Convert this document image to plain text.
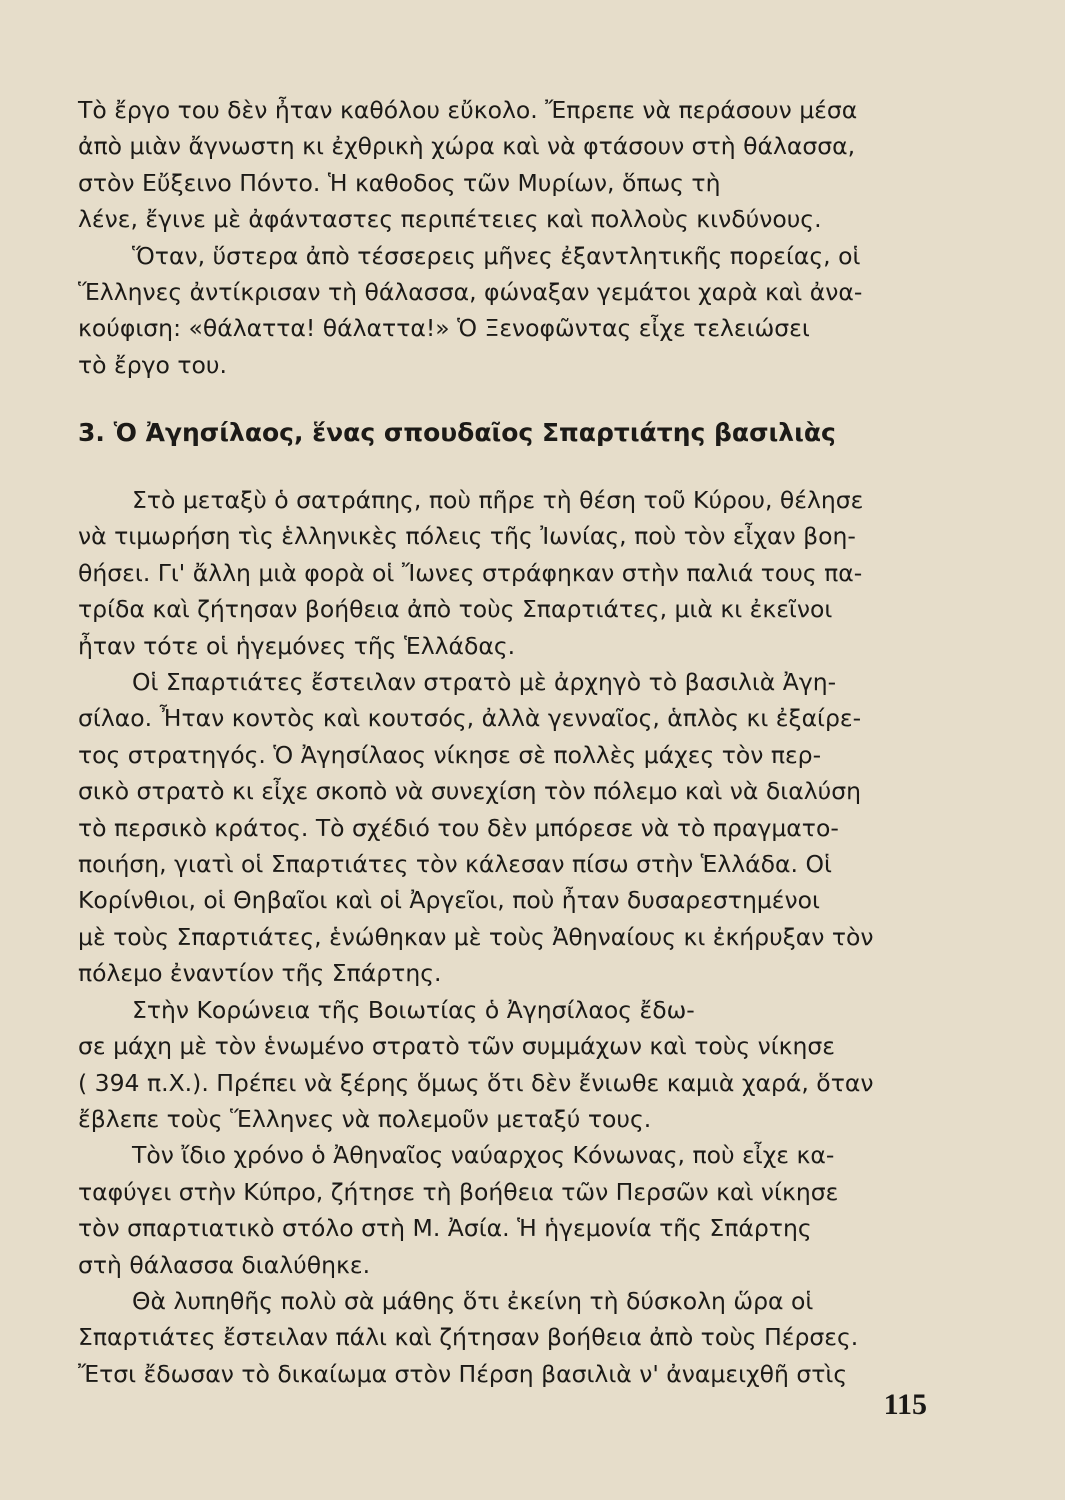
Τὸ ἔργο του δὲν ἦταν καθόλου εὔκολο. Ἔπρεπε νὰ περάσουν μέσα
ἀπὸ μιὰν ἄγνωστη κι ἐχθρικὴ χώρα καὶ νὰ φτάσουν στὴ θάλασσα,
στὸν Εὔξεινο Πόντο. Ἡ καθοδος τῶν Μυρίων, ὅπως τὴ
λένε, ἔγινε μὲ ἀφάνταστες περιπέτειες καὶ πολλοὺς κινδύνους.

Ὅταν, ὕστερα ἀπὸ τέσσερεις μῆνες ἐξαντλητικῆς πορείας, οἱ
Ἕλληνες ἀντίκρισαν τὴ θάλασσα, φώναξαν γεμάτοι χαρὰ καὶ ἀνα-
κούφιση: «θάλαττα! θάλαττα!» Ὁ Ξενοφῶντας εἶχε τελειώσει
τὸ ἔργο του.

3. Ὁ Ἀγησίλαος, ἕνας σπουδαῖος Σπαρτιάτης βασιλιὰς

Στὸ μεταξὺ ὁ σατράπης, ποὺ πῆρε τὴ θέση τοῦ Κύρου, θέλησε
νὰ τιμωρήση τὶς ἑλληνικὲς πόλεις τῆς Ἰωνίας, ποὺ τὸν εἶχαν βοη-
θήσει. Γι' ἄλλη μιὰ φορὰ οἱ Ἴωνες στράφηκαν στὴν παλιά τους πα-
τρίδα καὶ ζήτησαν βοήθεια ἀπὸ τοὺς Σπαρτιάτες, μιὰ κι ἐκεῖνοι
ἦταν τότε οἱ ἡγεμόνες τῆς Ἑλλάδας.

Οἱ Σπαρτιάτες ἔστειλαν στρατὸ μὲ ἀρχηγὸ τὸ βασιλιὰ Ἀγη-
σίλαο. Ἦταν κοντὸς καὶ κουτσός, ἀλλὰ γενναῖος, ἁπλὸς κι ἐξαίρε-
τος στρατηγός. Ὁ Ἀγησίλαος νίκησε σὲ πολλὲς μάχες τὸν περ-
σικὸ στρατὸ κι εἶχε σκοπὸ νὰ συνεχίση τὸν πόλεμο καὶ νὰ διαλύση
τὸ περσικὸ κράτος. Τὸ σχέδιό του δὲν μπόρεσε νὰ τὸ πραγματο-
ποιήση, γιατὶ οἱ Σπαρτιάτες τὸν κάλεσαν πίσω στὴν Ἑλλάδα. Οἱ
Κορίνθιοι, οἱ Θηβαῖοι καὶ οἱ Ἀργεῖοι, ποὺ ἦταν δυσαρεστημένοι
μὲ τοὺς Σπαρτιάτες, ἑνώθηκαν μὲ τοὺς Ἀθηναίους κι ἐκήρυξαν τὸν
πόλεμο ἐναντίον τῆς Σπάρτης.

Στὴν Κορώνεια τῆς Βοιωτίας ὁ Ἀγησίλαος ἔδω-
σε μάχη μὲ τὸν ἑνωμένο στρατὸ τῶν συμμάχων καὶ τοὺς νίκησε
( 394 π.Χ.). Πρέπει νὰ ξέρης ὅμως ὅτι δὲν ἔνιωθε καμιὰ χαρά, ὅταν
ἔβλεπε τοὺς Ἕλληνες νὰ πολεμοῦν μεταξύ τους.

Τὸν ἴδιο χρόνο ὁ Ἀθηναῖος ναύαρχος Κόνωνας, ποὺ εἶχε κα-
ταφύγει στὴν Κύπρο, ζήτησε τὴ βοήθεια τῶν Περσῶν καὶ νίκησε
τὸν σπαρτιατικὸ στόλο στὴ Μ. Ἀσία. Ἡ ἡγεμονία τῆς Σπάρτης
στὴ θάλασσα διαλύθηκε.

Θὰ λυπηθῆς πολὺ σὰ μάθης ὅτι ἐκείνη τὴ δύσκολη ὥρα οἱ
Σπαρτιάτες ἔστειλαν πάλι καὶ ζήτησαν βοήθεια ἀπὸ τοὺς Πέρσες.
Ἔτσι ἔδωσαν τὸ δικαίωμα στὸν Πέρση βασιλιὰ ν' ἀναμειχθῆ στὶς

115
